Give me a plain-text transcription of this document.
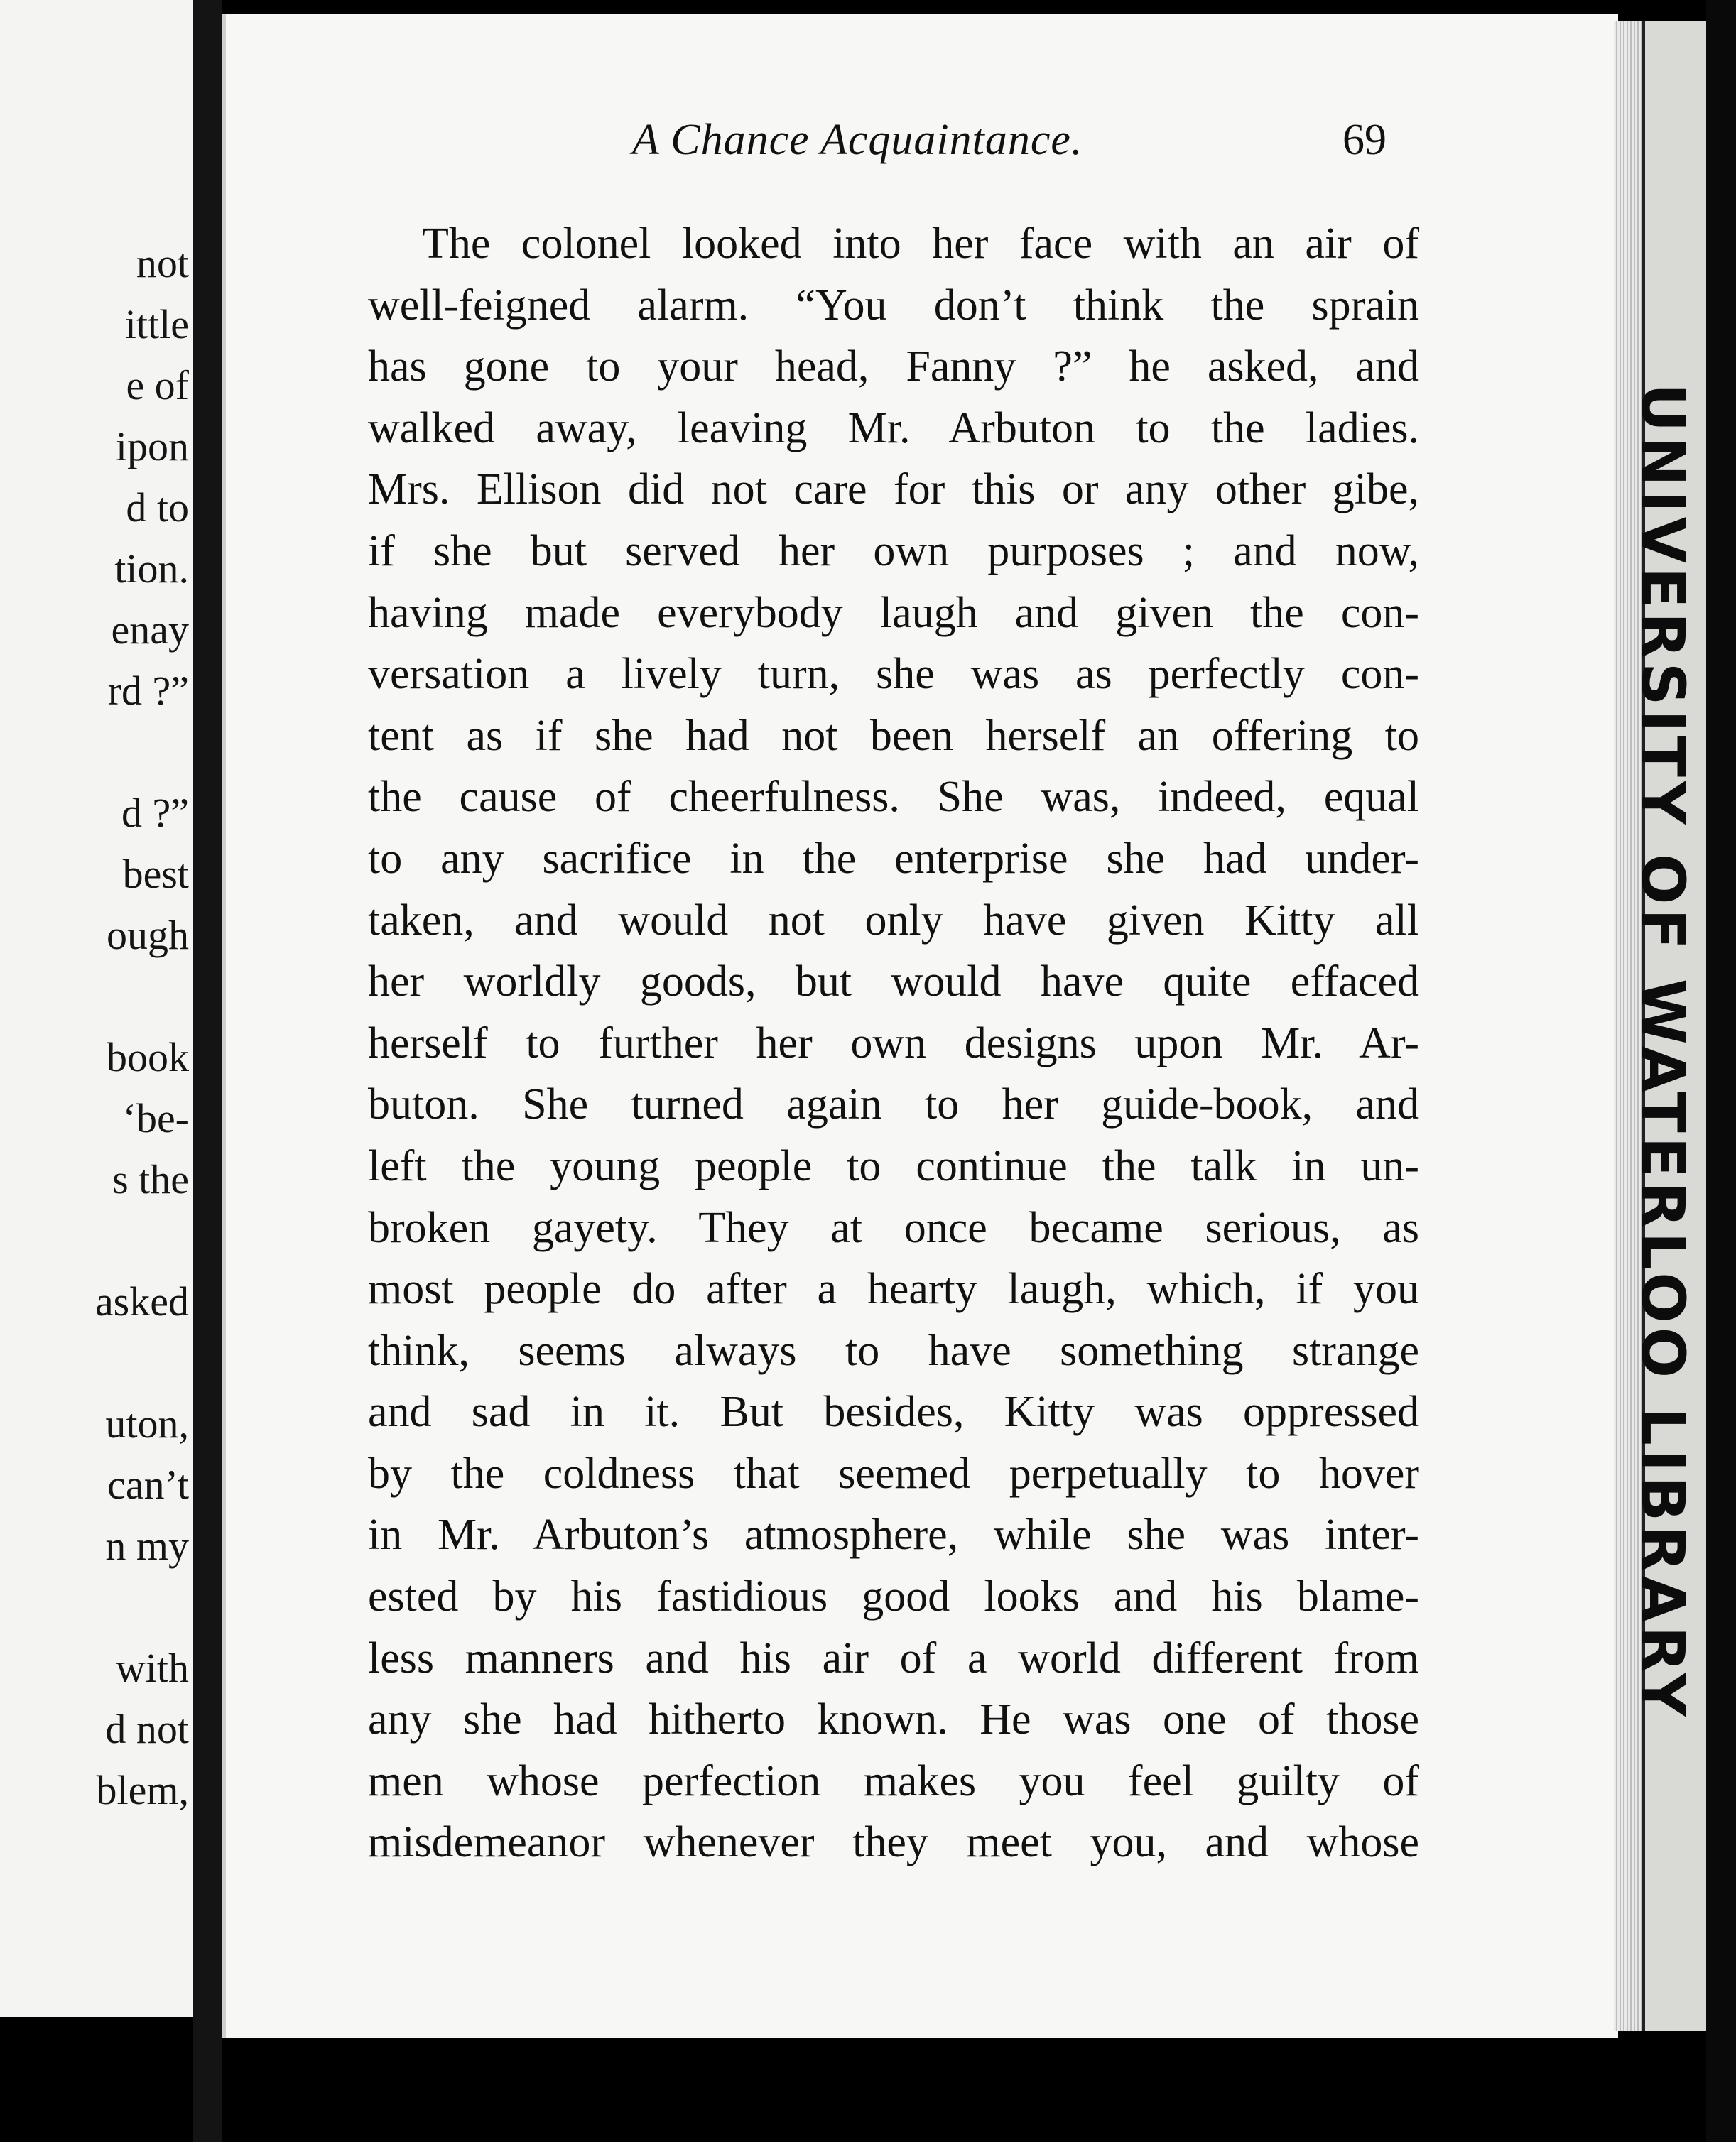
not
ittle
e of
ipon
d to
tion.
enay
rd ?”
d ?”
best
ough
book
‘be-
s the
asked
uton,
can’t
n my
with
d not
blem,
A Chance Acquaintance.	69
The colonel looked into her face with an air of
well-feigned alarm. “You don’t think the sprain
has gone to your head, Fanny ?” he asked, and
walked away, leaving Mr. Arbuton to the ladies.
Mrs. Ellison did not care for this or any other gibe,
if she but served her own purposes ; and now,
having made everybody laugh and given the con-
versation a lively turn, she was as perfectly con-
tent as if she had not been herself an offering to
the cause of cheerfulness. She was, indeed, equal
to any sacrifice in the enterprise she had under-
taken, and would not only have given Kitty all
her worldly goods, but would have quite effaced
herself to further her own designs upon Mr. Ar-
buton. She turned again to her guide-book, and
left the young people to continue the talk in un-
broken gayety. They at once became serious, as
most people do after a hearty laugh, which, if you
think, seems always to have something strange
and sad in it. But besides, Kitty was oppressed
by the coldness that seemed perpetually to hover
in Mr. Arbuton’s atmosphere, while she was inter-
ested by his fastidious good looks and his blame-
less manners and his air of a world different from
any she had hitherto known. He was one of those
men whose perfection makes you feel guilty of
misdemeanor whenever they meet you, and whose
UNIVERSITY OF WATERLOO LIBRARY
